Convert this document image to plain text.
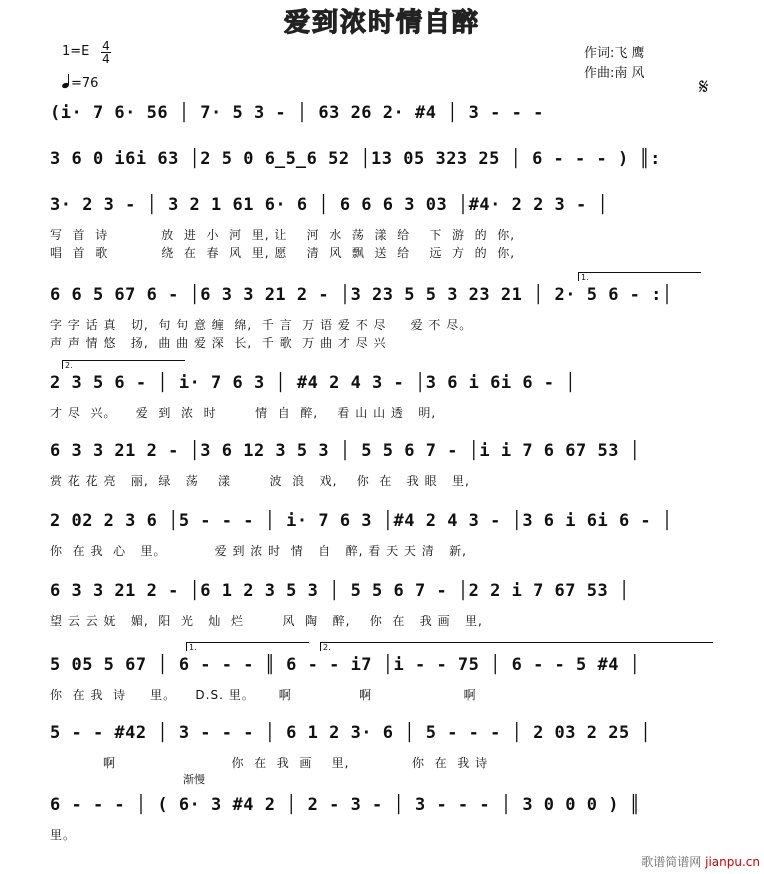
爱到浓时情自醉
1=E 4
4
=76
作词:飞 鹰
作曲:南 风
𝄋
(i· 7 6· 56 │ 7· 5 3 - │ 63 26 2· #4 │ 3 - - -
3 6 0 i6i 63 │2 5 0 6̲5̲6 52 │13 05 323 25 │ 6 - - - ) ║:
3· 2 3 - │ 3 2 1 61 6· 6 │ 6 6 6 3 03 │#4· 2 2 3 - │
写  首  诗           放  进  小  河  里, 让    河  水  荡  漾  给    下  游  的  你,
唱  首  歌           绕  在  春  风  里, 愿    清  风  飘  送  给    远  方  的  你,
1.
6 6 5 67 6 - │6 3 3 21 2 - │3 23 5 5 3 23 21 │ 2· 5 6 - :│
字 字 话 真   切,  句 句 意 缠  绵,  千 言  万 语 爱 不 尽     爱 不 尽。
声 声 情 悠   扬,  曲 曲 爱 深  长,  千 歌  万 曲 才 尽 兴
2.
2 3 5 6 - │ i· 7 6 3 │ #4 2 4 3 - │3 6 i 6i 6 - │
才 尽  兴。    爱  到  浓  时        情  自  醉,    看 山 山 透   明,
6 3 3 21 2 - │3 6 12 3 5 3 │ 5 5 6 7 - │i i 7 6 67 53 │
赏 花 花 亮   丽,  绿   荡    漾        波  浪   戏,    你  在   我 眼   里,
2 02 2 3 6 │5 - - - │ i· 7 6 3 │#4 2 4 3 - │3 6 i 6i 6 - │
你  在 我  心   里。          爱 到 浓 时  情   自   醉, 看 天 天 清   新,
6 3 3 21 2 - │6 1 2 3 5 3 │ 5 5 6 7 - │2 2 i 7 67 53 │
望 云 云 妩   媚,  阳  光   灿  烂        风  陶   醉,    你  在   我 画   里,
1.	2.
5 05 5 67 │ 6 - - - ║ 6 - - i7 │i - - 75 │ 6 - - 5 #4 │
你  在 我  诗     里。    D.S. 里。     啊              啊                   啊
5 - - #42 │ 3 - - - │ 6 1 2 3· 6 │ 5 - - - │ 2 03 2 25 │
啊                        你  在  我  画    里,             你  在  我 诗
渐慢
6 - - - │ ( 6· 3 #4 2 │ 2 - 3 - │ 3 - - - │ 3 0 0 0 ) ║
里。
歌谱简谱网 jianpu.cn
